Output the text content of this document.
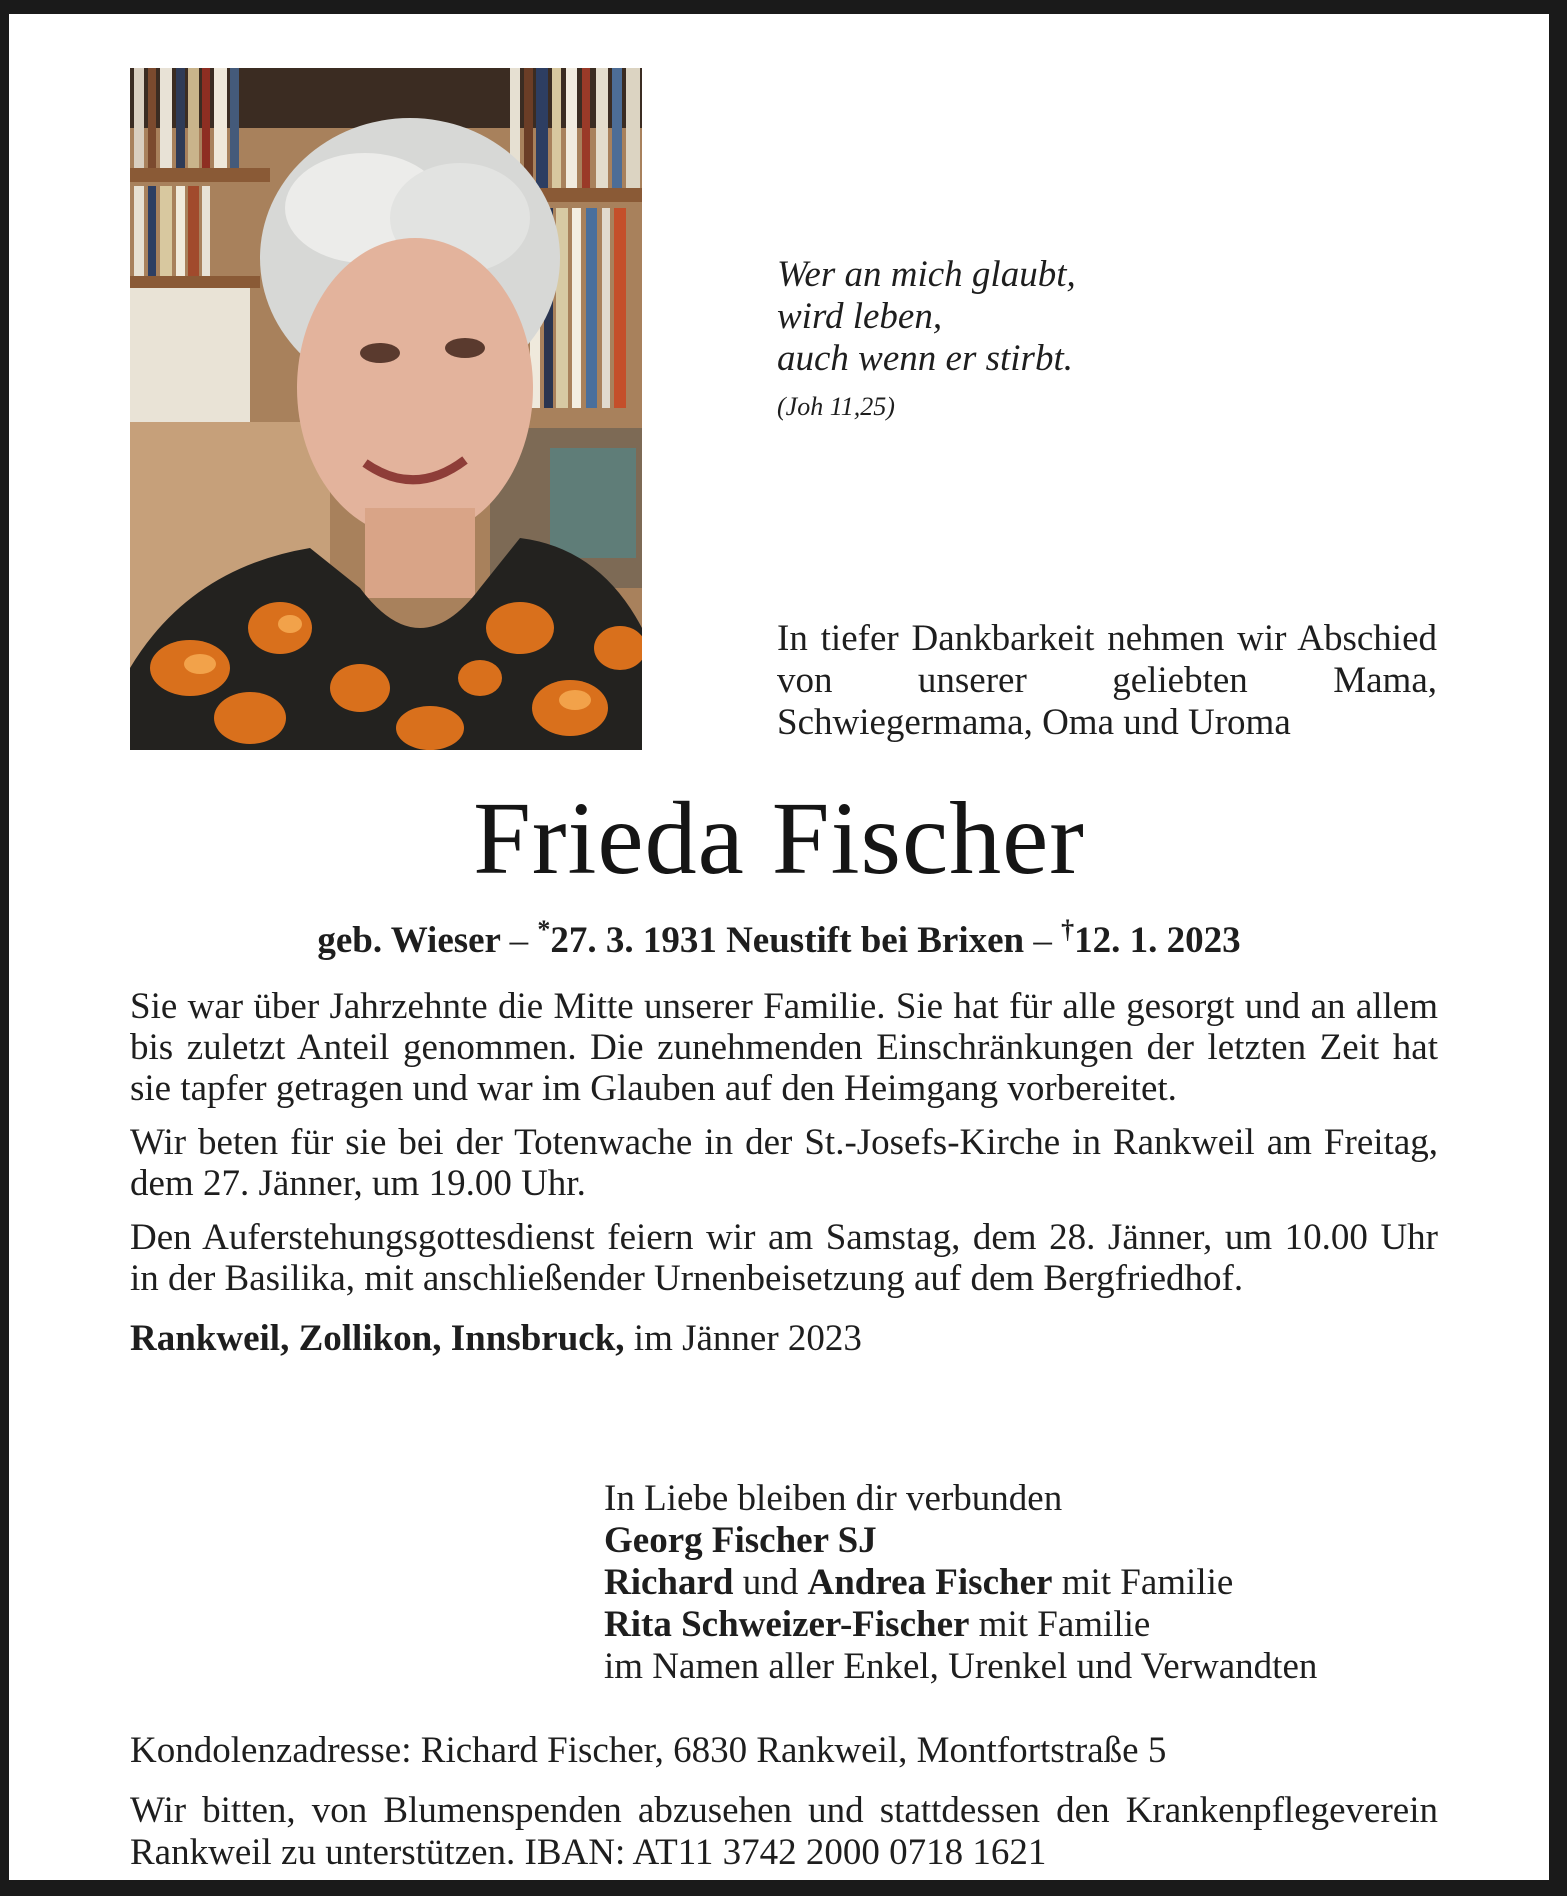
Wer an mich glaubt,
wird leben,
auch wenn er stirbt.
(Joh 11,25)
In tiefer Dankbarkeit nehmen wir Abschied von unserer geliebten Mama, Schwiegermama, Oma und Uroma
Frieda Fischer
geb. Wieser – *27. 3. 1931 Neustift bei Brixen – †12. 1. 2023

Sie war über Jahrzehnte die Mitte unserer Familie. Sie hat für alle gesorgt und an allem bis zuletzt Anteil genommen. Die zunehmenden Einschränkungen der letzten Zeit hat sie tapfer getragen und war im Glauben auf den Heimgang vorbereitet.

Wir beten für sie bei der Totenwache in der St.-Josefs-Kirche in Rankweil am Freitag, dem 27. Jänner, um 19.00 Uhr.

Den Auferstehungsgottesdienst feiern wir am Samstag, dem 28. Jänner, um 10.00 Uhr in der Basilika, mit anschließender Urnenbeisetzung auf dem Bergfriedhof.

Rankweil, Zollikon, Innsbruck, im Jänner 2023
In Liebe bleiben dir verbunden
Georg Fischer SJ
Richard und Andrea Fischer mit Familie
Rita Schweizer-Fischer mit Familie
im Namen aller Enkel, Urenkel und Verwandten
Kondolenzadresse: Richard Fischer, 6830 Rankweil, Montfortstraße 5
Wir bitten, von Blumenspenden abzusehen und stattdessen den Krankenpflegeverein Rankweil zu unterstützen. IBAN: AT11 3742 2000 0718 1621
